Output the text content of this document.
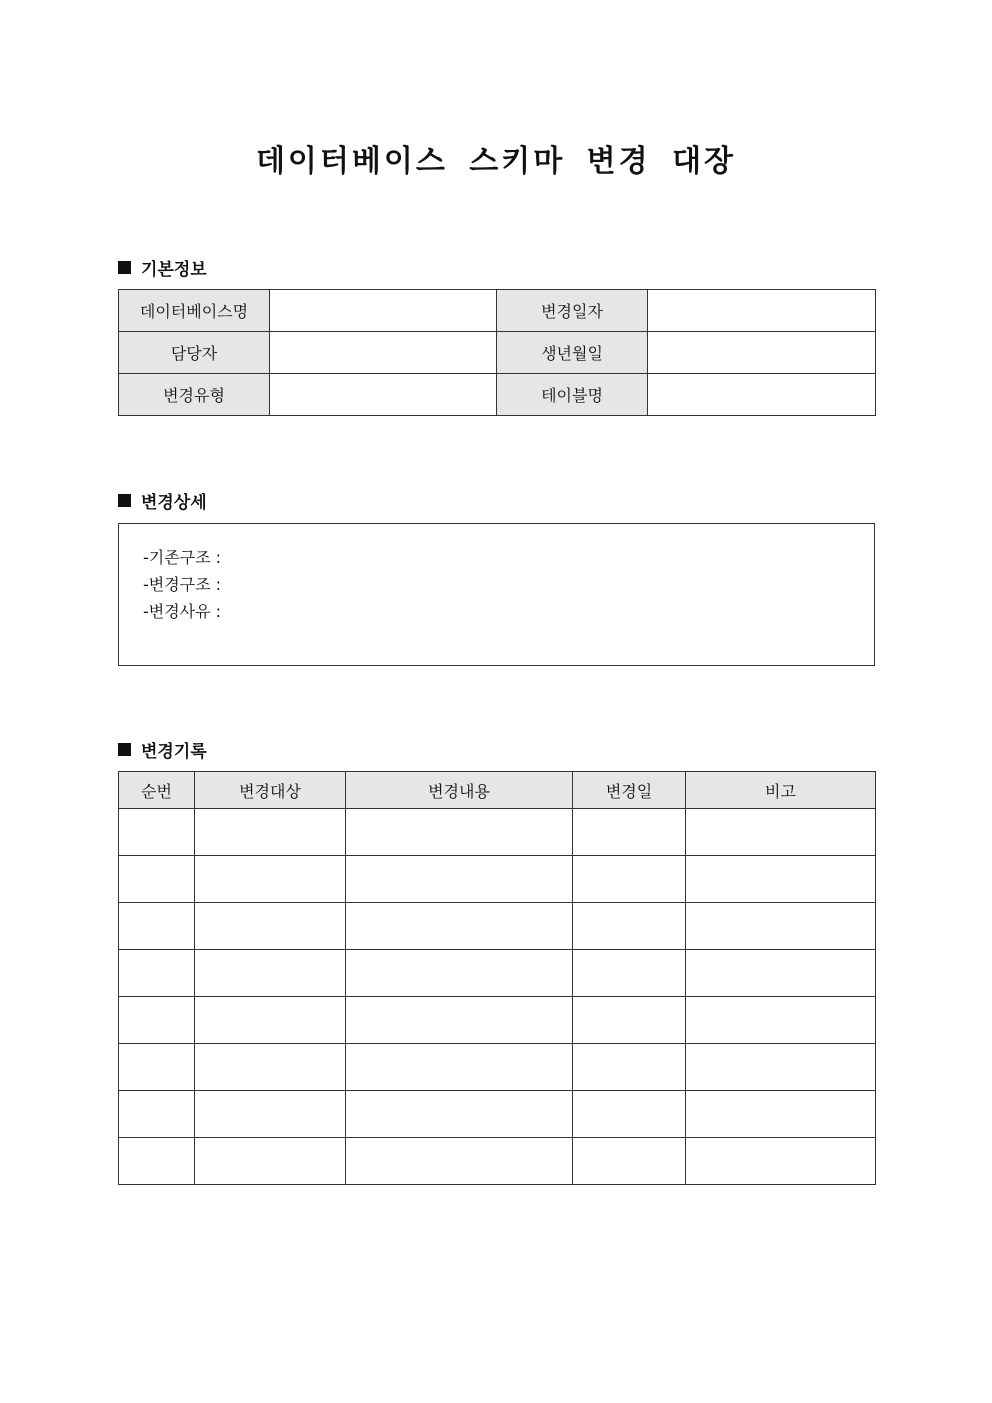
데이터베이스 스키마 변경 대장
기본정보
데이터베이스명		변경일자	
담당자		생년월일	
변경유형		테이블명	
변경상세
-기존구조 :
-변경구조 :
-변경사유 :
변경기록
순번	변경대상	변경내용	변경일	비고
